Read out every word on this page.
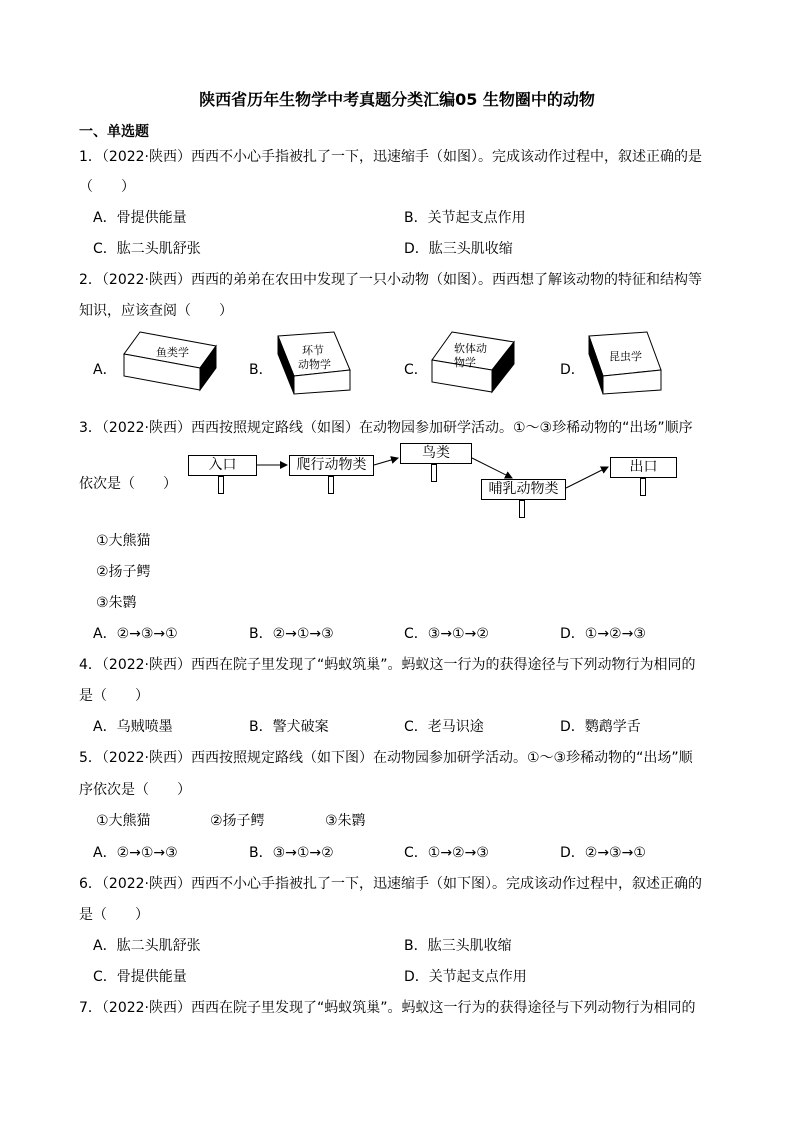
陕西省历年生物学中考真题分类汇编05 生物圈中的动物
一、单选题
1．（2022·陕西）西西不小心手指被扎了一下，迅速缩手（如图）。完成该动作过程中，叙述正确的是
（　　）
A．骨提供能量	B．关节起支点作用
C．肱二头肌舒张	D．肱三头肌收缩
2．（2022·陕西）西西的弟弟在农田中发现了一只小动物（如图）。西西想了解该动物的特征和结构等
知识，应该查阅（　　）
A．
鱼类学
B．
环节
动物学	C．
软体动
物学	D．
昆虫学
3．（2022·陕西）西西按照规定路线（如图）在动物园参加研学活动。①～③珍稀动物的“出场”顺序
依次是（　　）
入口	爬行动物类
鸟类
哺乳动物类
出口
①大熊猫
②扬子鳄
③朱鹮
A．②→③→①	B．②→①→③	C．③→①→②	D．①→②→③
4．（2022·陕西）西西在院子里发现了“蚂蚁筑巢”。蚂蚁这一行为的获得途径与下列动物行为相同的
是（　　）
A．乌贼喷墨	B．警犬破案	C．老马识途	D．鹦鹉学舌
5．（2022·陕西）西西按照规定路线（如下图）在动物园参加研学活动。①～③珍稀动物的“出场”顺
序依次是（　　）
①大熊猫	②扬子鳄	③朱鹮
A．②→①→③	B．③→①→②	C．①→②→③	D．②→③→①
6．（2022·陕西）西西不小心手指被扎了一下，迅速缩手（如下图）。完成该动作过程中，叙述正确的
是（　　）
A．肱二头肌舒张	B．肱三头肌收缩
C．骨提供能量	D．关节起支点作用
7．（2022·陕西）西西在院子里发现了“蚂蚁筑巢”。蚂蚁这一行为的获得途径与下列动物行为相同的
